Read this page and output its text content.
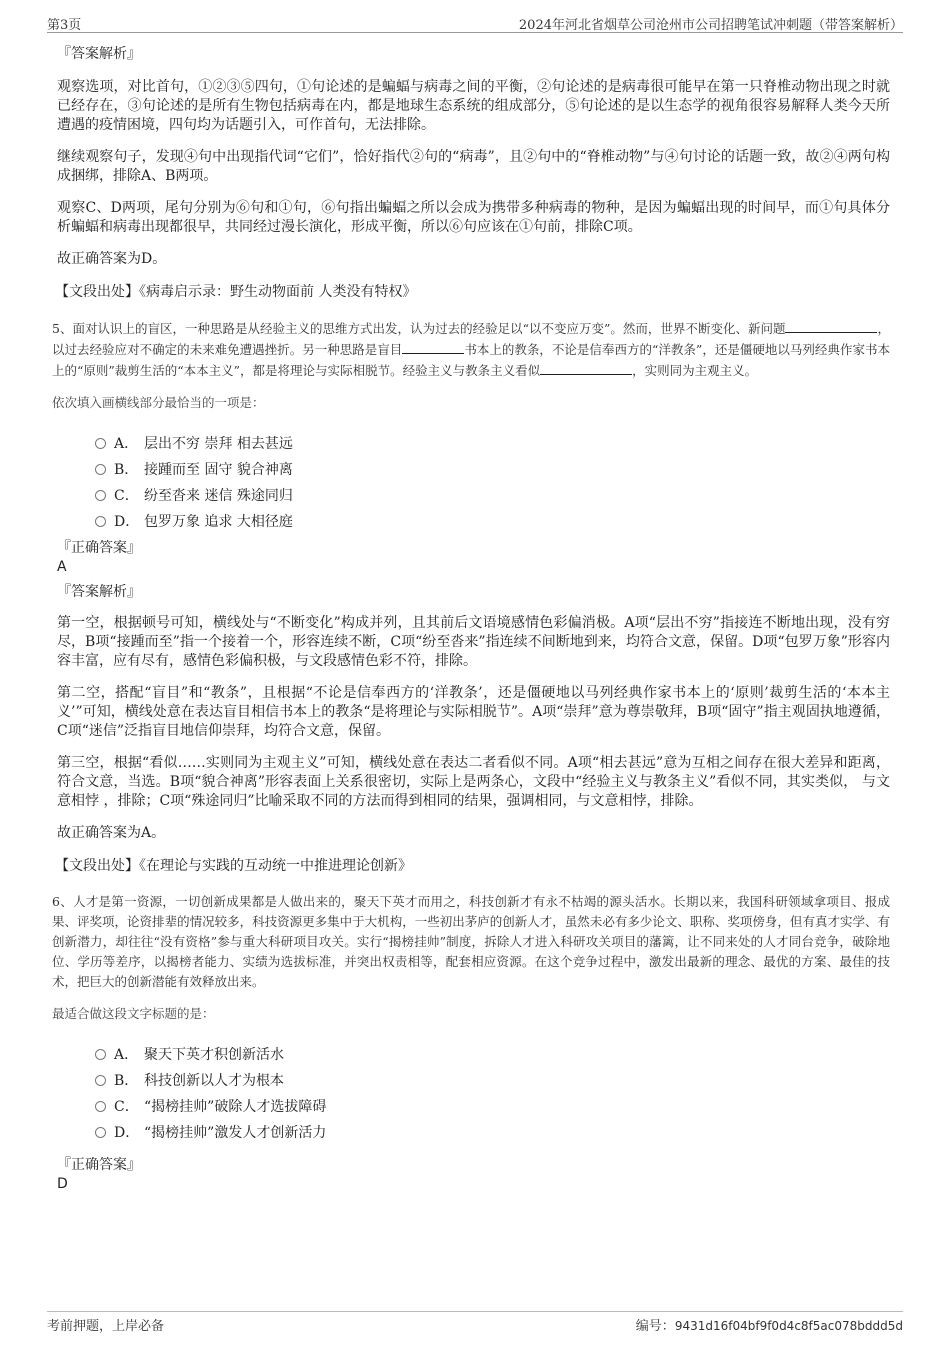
第3页	2024年河北省烟草公司沧州市公司招聘笔试冲刺题（带答案解析）
『答案解析』

观察选项，对比首句，①②③⑤四句，①句论述的是蝙蝠与病毒之间的平衡，②句论述的是病毒很可能早在第一只脊椎动物出现之时就已经存在，③句论述的是所有生物包括病毒在内，都是地球生态系统的组成部分，⑤句论述的是以生态学的视角很容易解释人类今天所遭遇的疫情困境，四句均为话题引入，可作首句，无法排除。

继续观察句子，发现④句中出现指代词“它们”，恰好指代②句的“病毒”，且②句中的“脊椎动物”与④句讨论的话题一致，故②④两句构成捆绑，排除A、B两项。

观察C、D两项，尾句分别为⑥句和①句，⑥句指出蝙蝠之所以会成为携带多种病毒的物种，是因为蝙蝠出现的时间早，而①句具体分析蝙蝠和病毒出现都很早，共同经过漫长演化，形成平衡，所以⑥句应该在①句前，排除C项。

故正确答案为D。

【文段出处】《病毒启示录：野生动物面前 人类没有特权》
5、面对认识上的盲区，一种思路是从经验主义的思维方式出发，认为过去的经验足以“以不变应万变”。然而，世界不断变化、新问题	，以过去经验应对不确定的未来难免遭遇挫折。另一种思路是盲目	书本上的教条，不论是信奉西方的“洋教条”，还是僵硬地以马列经典作家书本上的“原则”裁剪生活的“本本主义”，都是将理论与实际相脱节。经验主义与教条主义看似	，实则同为主观主义。
依次填入画横线部分最恰当的一项是：
A． 层出不穷 崇拜 相去甚远
B． 接踵而至 固守 貌合神离
C． 纷至沓来 迷信 殊途同归
D． 包罗万象 追求 大相径庭
『正确答案』
A
『答案解析』

第一空，根据顿号可知，横线处与“不断变化”构成并列，且其前后文语境感情色彩偏消极。A项“层出不穷”指接连不断地出现，没有穷尽，B项“接踵而至”指一个接着一个，形容连续不断，C项“纷至沓来”指连续不间断地到来，均符合文意，保留。D项“包罗万象”形容内容丰富，应有尽有，感情色彩偏积极，与文段感情色彩不符，排除。

第二空，搭配“盲目”和“教条”，且根据“不论是信奉西方的‘洋教条’，还是僵硬地以马列经典作家书本上的‘原则’裁剪生活的‘本本主义’”可知，横线处意在表达盲目相信书本上的教条“是将理论与实际相脱节”。A项“崇拜”意为尊崇敬拜，B项“固守”指主观固执地遵循，C项“迷信”泛指盲目地信仰崇拜，均符合文意，保留。

第三空，根据“看似……实则同为主观主义”可知，横线处意在表达二者看似不同。A项“相去甚远”意为互相之间存在很大差异和距离，符合文意，当选。B项“貌合神离”形容表面上关系很密切，实际上是两条心，文段中“经验主义与教条主义”看似不同，其实类似， 与文意相悖 ，排除；C项“殊途同归”比喻采取不同的方法而得到相同的结果，强调相同，与文意相悖，排除。

故正确答案为A。

【文段出处】《在理论与实践的互动统一中推进理论创新》
6、人才是第一资源，一切创新成果都是人做出来的，聚天下英才而用之，科技创新才有永不枯竭的源头活水。长期以来，我国科研领域拿项目、报成果、评奖项，论资排辈的情况较多，科技资源更多集中于大机构，一些初出茅庐的创新人才，虽然未必有多少论文、职称、奖项傍身，但有真才实学、有创新潜力，却往往“没有资格”参与重大科研项目攻关。实行“揭榜挂帅”制度，拆除人才进入科研攻关项目的藩篱，让不同来处的人才同台竞争，破除地位、学历等差序，以揭榜者能力、实绩为选拔标准，并突出权责相等，配套相应资源。在这个竞争过程中，激发出最新的理念、最优的方案、最佳的技术，把巨大的创新潜能有效释放出来。
最适合做这段文字标题的是：
A． 聚天下英才积创新活水
B． 科技创新以人才为根本
C． “揭榜挂帅”破除人才选拔障碍
D． “揭榜挂帅”激发人才创新活力
『正确答案』
D
考前押题，上岸必备	编号：9431d16f04bf9f0d4c8f5ac078bddd5d
